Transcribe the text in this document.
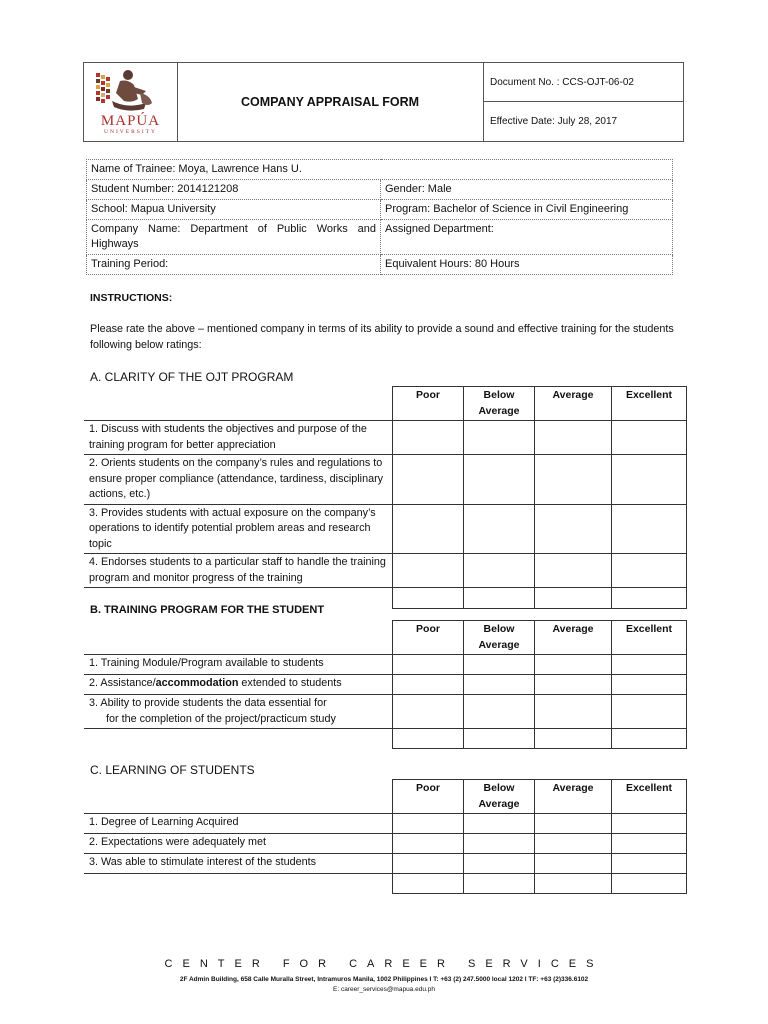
MAPÚA
UNIVERSITY
COMPANY APPRAISAL FORM
Document No. : CCS-OJT-06-02
Effective Date: July 28, 2017
Name of Trainee: Moya, Lawrence Hans U.	
Student Number: 2014121208	Gender: Male
School: Mapua University	Program: Bachelor of Science in Civil Engineering
Company Name: Department of Public Works and Highways	Assigned Department:
Training Period:	Equivalent Hours: 80 Hours
INSTRUCTIONS:
Please rate the above – mentioned company in terms of its ability to provide a sound and effective training for the students following below ratings:
A. CLARITY OF THE OJT PROGRAM
	Poor	Below Average	Average	Excellent
1. Discuss with students the objectives and purpose of the training program for better appreciation				
2. Orients students on the company’s rules and regulations to ensure proper compliance (attendance, tardiness, disciplinary actions, etc.)				
3. Provides students with actual exposure on the company’s operations to identify potential problem areas and research topic				
4. Endorses students to a particular staff to handle the training program and monitor progress of the training				

B. TRAINING PROGRAM FOR THE STUDENT
	Poor	Below Average	Average	Excellent
1. Training Module/Program available to students				
2. Assistance/accommodation extended to students				

3. Ability to provide students the data essential for
for the completion of the project/practicum study				

C. LEARNING OF STUDENTS
	Poor	Below Average	Average	Excellent
1. Degree of Learning Acquired				
2. Expectations were adequately met				
3. Was able to stimulate interest of the students				

CENTER FOR CAREER SERVICES
2F Admin Building, 658 Calle Muralla Street, Intramuros Manila, 1002 Philippines I T: +63 (2) 247.5000 local 1202 I TF: +63 (2)336.6102
E: career_services@mapua.edu.ph
